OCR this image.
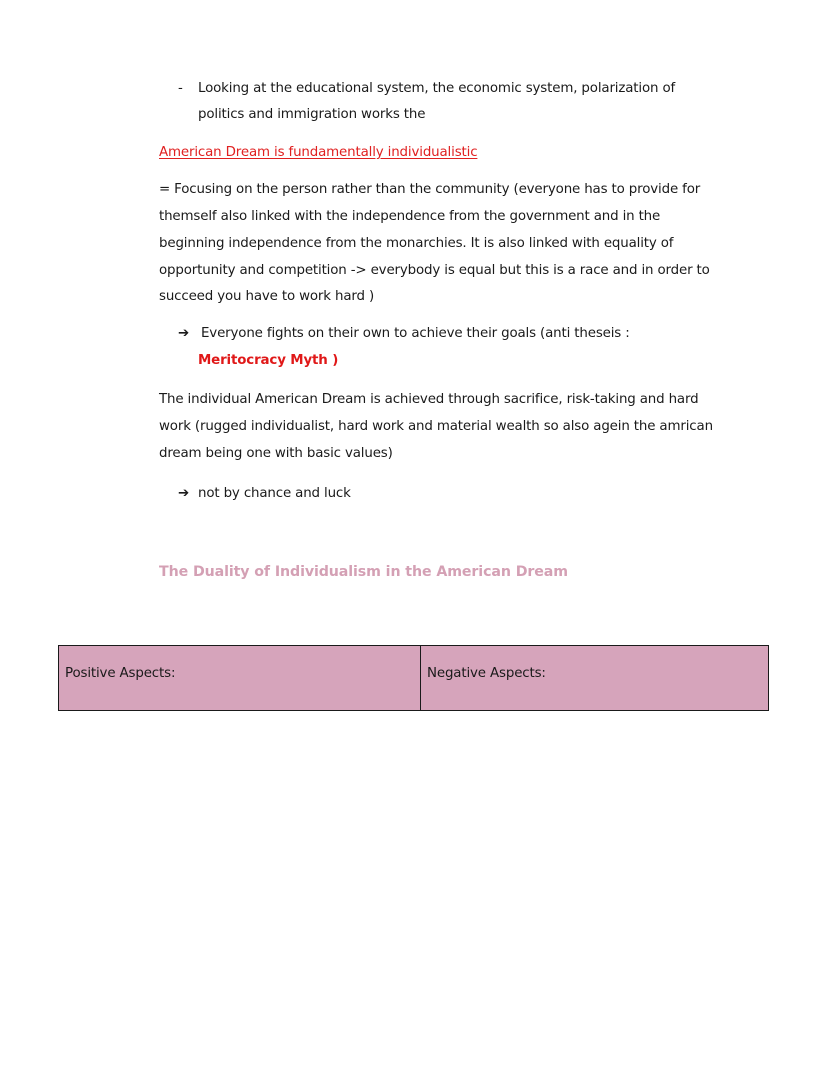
- Looking at the educational system, the economic system, polarization of
politics and immigration works the
American Dream is fundamentally individualistic
= Focusing on the person rather than the community (everyone has to provide for
themself also linked with the independence from the government and in the
beginning independence from the monarchies. It is also linked with equality of
opportunity and competition -> everybody is equal but this is a race and in order to
succeed you have to work hard )
➔ Everyone fights on their own to achieve their goals (anti theseis :
Meritocracy Myth )
The individual American Dream is achieved through sacrifice, risk-taking and hard
work (rugged individualist, hard work and material wealth so also agein the amrican
dream being one with basic values)
➔ not by chance and luck
The Duality of Individualism in the American Dream
Positive Aspects:	Negative Aspects:
